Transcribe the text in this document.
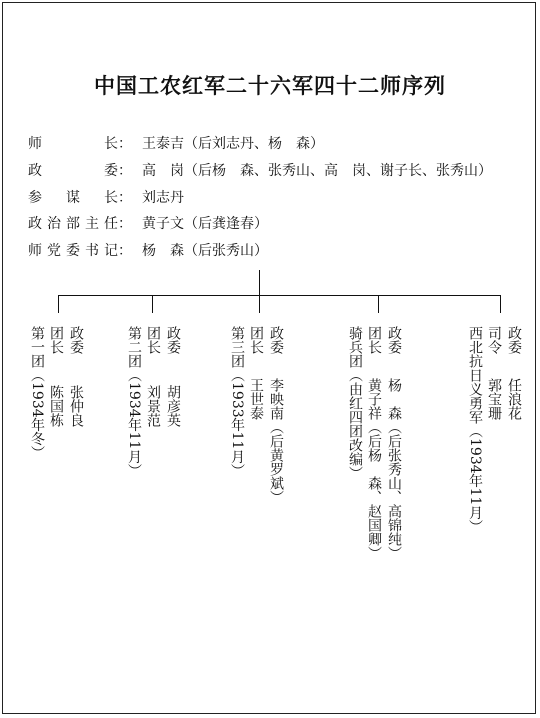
中国工农红军二十六军四十二师序列
师长 ： 王泰吉（后刘志丹、杨　森）
政委 ： 高　岗（后杨　森、张秀山、高　岗、谢子长、张秀山）
参谋长 ： 刘志丹
政治部主任 ： 黄子文（后龚逢春）
师党委书记 ： 杨　森（后张秀山）
第一团（1934年冬） 团长
陈国栋
政委
张仲良	第二团（1934年11月） 团长
刘景范
政委
胡彦英	第三团（1933年11月） 团长
王世泰
政委
李映南（后黄罗斌）	骑兵团（由红四团改编） 团长
黄子祥（后杨　森、赵国卿）
政委
杨　森（后张秀山、高锦纯）	西北抗日义勇军（1934年11月） 司令
郭宝珊
政委
任浪花
